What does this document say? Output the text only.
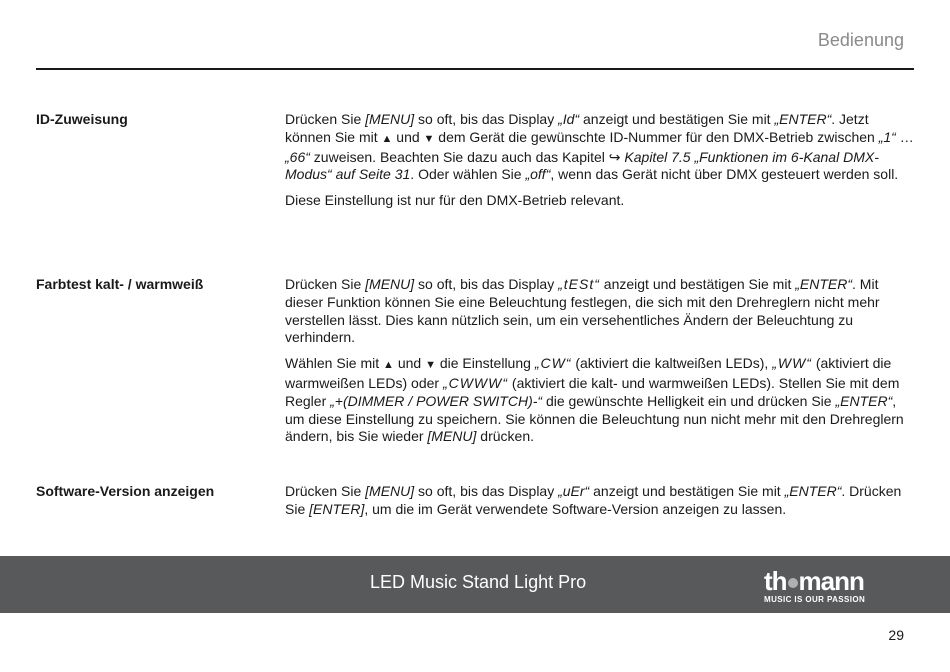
Bedienung
ID-Zuweisung	Drücken Sie [MENU] so oft, bis das Display „Id“ anzeigt und bestätigen Sie mit „ENTER“. Jetzt können Sie mit ▲ und ▼ dem Gerät die gewünschte ID-Nummer für den DMX-Betrieb zwischen „1“ … „66“ zuweisen. Beachten Sie dazu auch das Kapitel ↪ Kapitel 7.5 „Funktionen im 6-Kanal DMX-Modus“ auf Seite 31. Oder wählen Sie „off“, wenn das Gerät nicht über DMX gesteuert werden soll.

Diese Einstellung ist nur für den DMX-Betrieb relevant.

Farbtest kalt- / warmweiß	Drücken Sie [MENU] so oft, bis das Display „tESt“ anzeigt und bestätigen Sie mit „ENTER“. Mit dieser Funktion können Sie eine Beleuchtung festlegen, die sich mit den Drehreglern nicht mehr verstellen lässt. Dies kann nützlich sein, um ein versehentliches Ändern der Beleuchtung zu verhindern.

Wählen Sie mit ▲ und ▼ die Einstellung „CW“ (aktiviert die kaltweißen LEDs), „WW“ (aktiviert die warmweißen LEDs) oder „CWWW“ (aktiviert die kalt- und warmweißen LEDs). Stellen Sie mit dem Regler „+(DIMMER / POWER SWITCH)-“ die gewünschte Helligkeit ein und drücken Sie „ENTER“, um diese Einstellung zu speichern. Sie können die Beleuchtung nun nicht mehr mit den Drehreglern ändern, bis Sie wieder [MENU] drücken.

Software-Version anzeigen	Drücken Sie [MENU] so oft, bis das Display „uEr“ anzeigt und bestätigen Sie mit „ENTER“. Drücken Sie [ENTER], um die im Gerät verwendete Software-Version anzeigen zu lassen.

LED Music Stand Light Pro	th mann
MUSIC IS OUR PASSION
29
